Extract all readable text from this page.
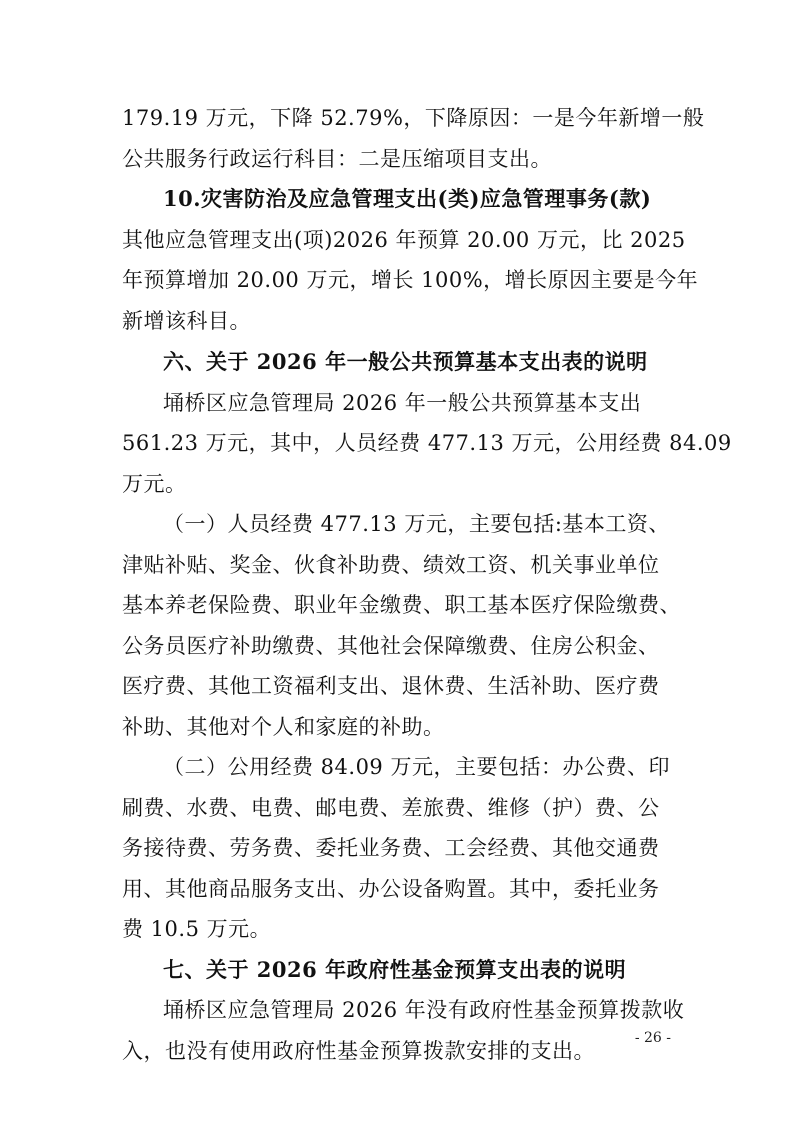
179.19 万元，下降 52.79%，下降原因：一是今年新增一般
公共服务行政运行科目：二是压缩项目支出。
10.灾害防治及应急管理支出(类)应急管理事务(款)
其他应急管理支出(项)2026 年预算 20.00 万元，比 2025
年预算增加 20.00 万元，增长 100%，增长原因主要是今年
新增该科目。
六、关于 2026 年一般公共预算基本支出表的说明
埇桥区应急管理局 2026 年一般公共预算基本支出
561.23 万元，其中，人员经费 477.13 万元，公用经费 84.09
万元。
（一）人员经费 477.13 万元，主要包括:基本工资、
津贴补贴、奖金、伙食补助费、绩效工资、机关事业单位
基本养老保险费、职业年金缴费、职工基本医疗保险缴费、
公务员医疗补助缴费、其他社会保障缴费、住房公积金、
医疗费、其他工资福利支出、退休费、生活补助、医疗费
补助、其他对个人和家庭的补助。
（二）公用经费 84.09 万元，主要包括：办公费、印
刷费、水费、电费、邮电费、差旅费、维修（护）费、公
务接待费、劳务费、委托业务费、工会经费、其他交通费
用、其他商品服务支出、办公设备购置。其中，委托业务
费 10.5 万元。
七、关于 2026 年政府性基金预算支出表的说明
埇桥区应急管理局 2026 年没有政府性基金预算拨款收
入，也没有使用政府性基金预算拨款安排的支出。
- 26 -
